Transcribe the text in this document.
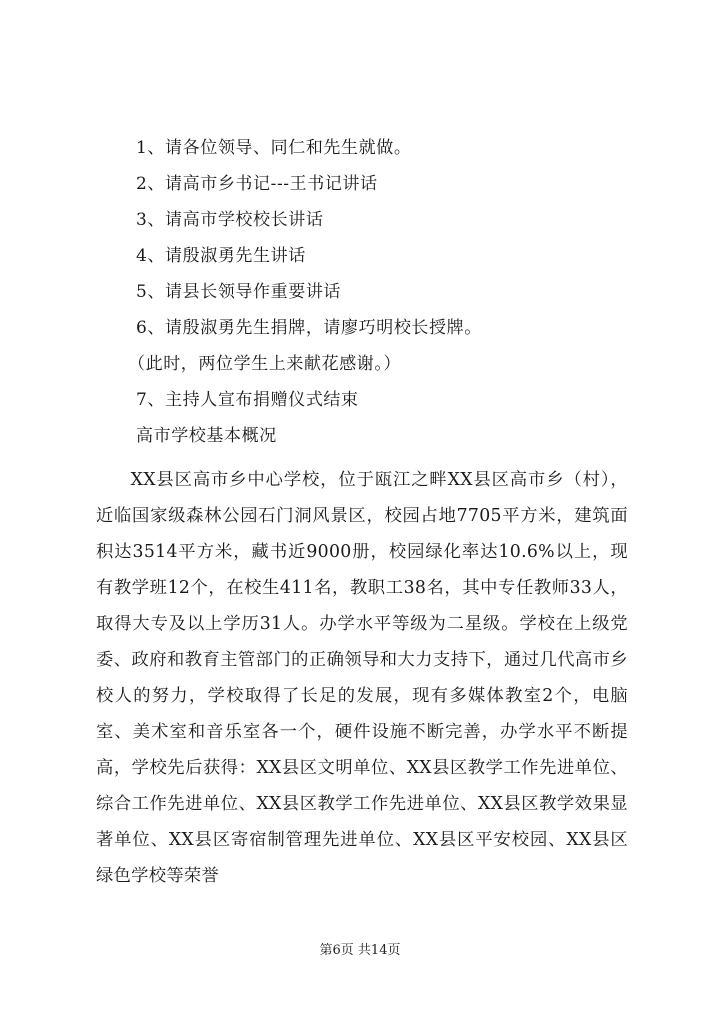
1、请各位领导、同仁和先生就做。
2、请高市乡书记---王书记讲话
3、请高市学校校长讲话
4、请殷淑勇先生讲话
5、请县长领导作重要讲话
6、请殷淑勇先生捐牌，请廖巧明校长授牌。
（此时，两位学生上来献花感谢。）
7、主持人宣布捐赠仪式结束
高市学校基本概况
XX县区高市乡中心学校，位于瓯江之畔XX县区高市乡（村），近临国家级森林公园石门洞风景区，校园占地7705平方米，建筑面积达3514平方米，藏书近9000册，校园绿化率达10.6%以上，现有教学班12个，在校生411名，教职工38名，其中专任教师33人，取得大专及以上学历31人。办学水平等级为二星级。学校在上级党委、政府和教育主管部门的正确领导和大力支持下，通过几代高市乡校人的努力，学校取得了长足的发展，现有多媒体教室2个，电脑室、美术室和音乐室各一个，硬件设施不断完善，办学水平不断提高，学校先后获得：XX县区文明单位、XX县区教学工作先进单位、综合工作先进单位、XX县区教学工作先进单位、XX县区教学效果显著单位、XX县区寄宿制管理先进单位、XX县区平安校园、XX县区绿色学校等荣誉
第6页 共14页
